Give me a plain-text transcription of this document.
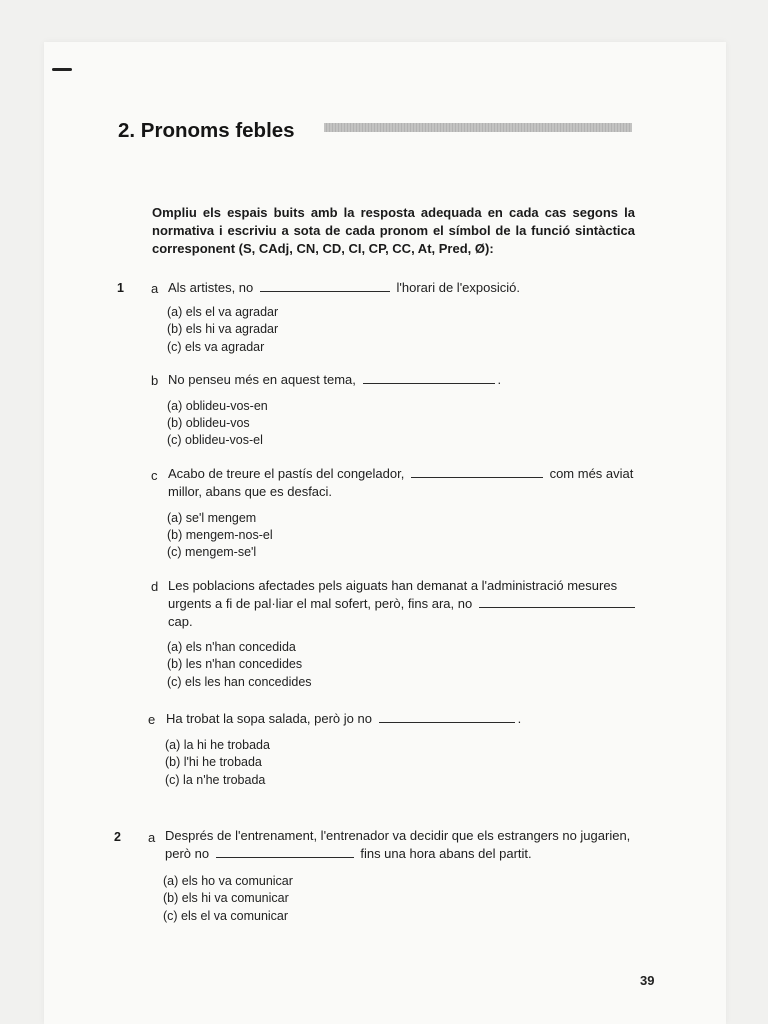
2. Pronoms febles
Ompliu els espais buits amb la resposta adequada en cada cas segons la normativa i escriviu a sota de cada pronom el símbol de la funció sintàctica corresponent (S, CAdj, CN, CD, CI, CP, CC, At, Pred, Ø):
1 a Als artistes, no	l'horari de l'exposició.
(a) els el va agradar
(b) els hi va agradar
(c) els va agradar
b No penseu més en aquest tema,	.
(a) oblideu-vos-en
(b) oblideu-vos
(c) oblideu-vos-el
c Acabo de treure el pastís del congelador,	com més aviat
millor, abans que es desfaci.
(a) se'l mengem
(b) mengem-nos-el
(c) mengem-se'l
d Les poblacions afectades pels aiguats han demanat a l'administració mesures
urgents a fi de pal·liar el mal sofert, però, fins ara, no
cap.
(a) els n'han concedida
(b) les n'han concedides
(c) els les han concedides
e Ha trobat la sopa salada, però jo no	.
(a) la hi he trobada
(b) l'hi he trobada
(c) la n'he trobada
2 a Després de l'entrenament, l'entrenador va decidir que els estrangers no jugarien,
però no	fins una hora abans del partit.
(a) els ho va comunicar
(b) els hi va comunicar
(c) els el va comunicar
39
